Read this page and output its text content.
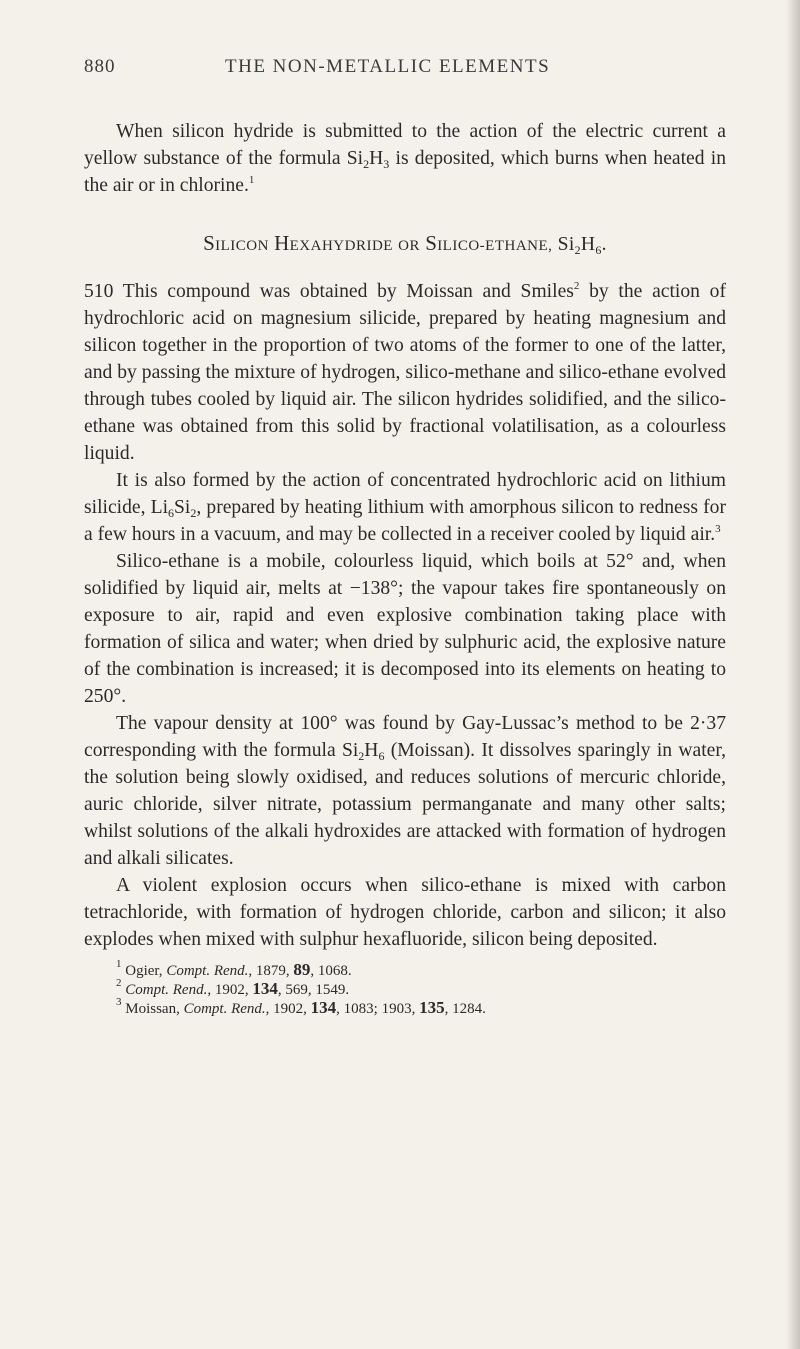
880	THE NON-METALLIC ELEMENTS

When silicon hydride is submitted to the action of the electric current a yellow substance of the formula $Si_2H_3$ is deposited, which burns when heated in the air or in chlorine.$^1$

SILICON HEXAHYDRIDE OR SILICO-ETHANE, $Si_2H_6$.

510 This compound was obtained by Moissan and Smiles$^2$ by the action of hydrochloric acid on magnesium silicide, prepared by heating magnesium and silicon together in the proportion of two atoms of the former to one of the latter, and by passing the mixture of hydrogen, silico-methane and silico-ethane evolved through tubes cooled by liquid air. The silicon hydrides solidified, and the silico-ethane was obtained from this solid by fractional volatilisation, as a colourless liquid.

It is also formed by the action of concentrated hydrochloric acid on lithium silicide, $Li_6Si_2$, prepared by heating lithium with amorphous silicon to redness for a few hours in a vacuum, and may be collected in a receiver cooled by liquid air.$^3$

Silico-ethane is a mobile, colourless liquid, which boils at 52° and, when solidified by liquid air, melts at −138°; the vapour takes fire spontaneously on exposure to air, rapid and even explosive combination taking place with formation of silica and water; when dried by sulphuric acid, the explosive nature of the combination is increased; it is decomposed into its elements on heating to 250°.

The vapour density at 100° was found by Gay-Lussac’s method to be 2·37 corresponding with the formula $Si_2H_6$ (Moissan). It dissolves sparingly in water, the solution being slowly oxidised, and reduces solutions of mercuric chloride, auric chloride, silver nitrate, potassium permanganate and many other salts; whilst solutions of the alkali hydroxides are attacked with formation of hydrogen and alkali silicates.

A violent explosion occurs when silico-ethane is mixed with carbon tetrachloride, with formation of hydrogen chloride, carbon and silicon; it also explodes when mixed with sulphur hexafluoride, silicon being deposited.

$^1$ Ogier, Compt. Rend., 1879, 89, 1068.

$^2$ Compt. Rend., 1902, 134, 569, 1549.

$^3$ Moissan, Compt. Rend., 1902, 134, 1083; 1903, 135, 1284.
